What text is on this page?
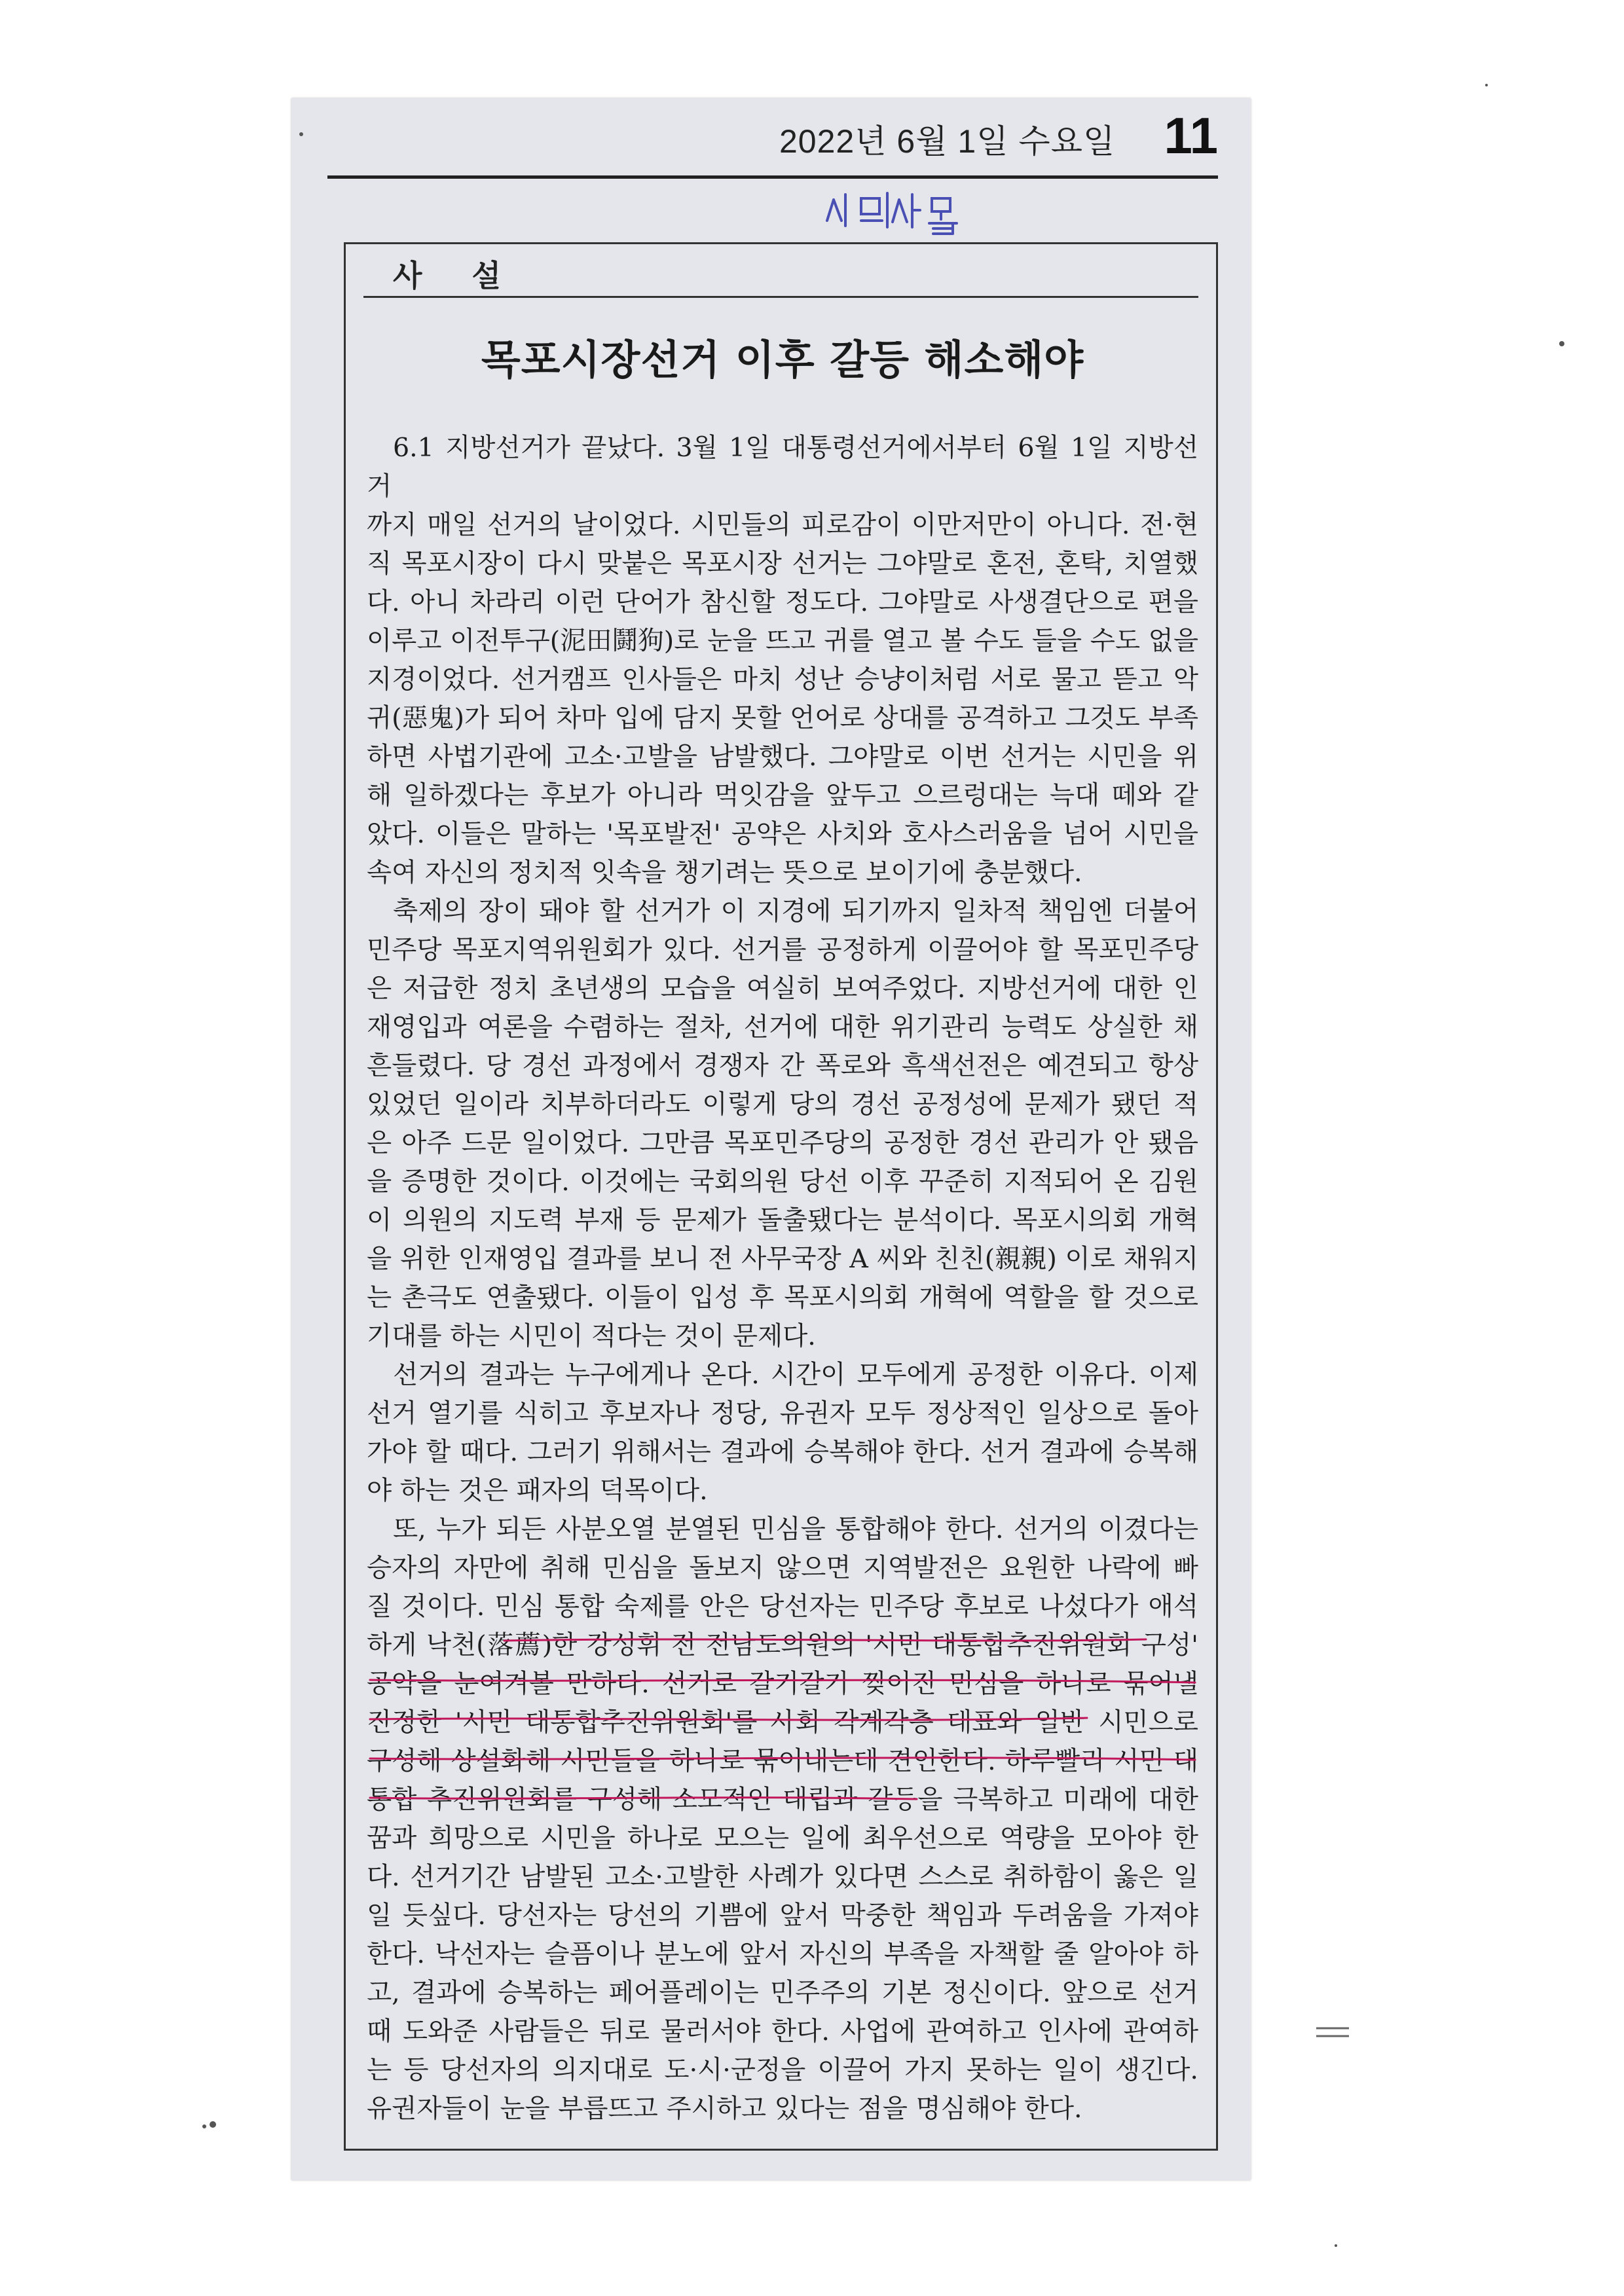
2022년 6월 1일 수요일 11
사 설
목포시장선거 이후 갈등 해소해야

6.1 지방선거가 끝났다. 3월 1일 대통령선거에서부터 6월 1일 지방선거

까지 매일 선거의 날이었다. 시민들의 피로감이 이만저만이 아니다. 전·현

직 목포시장이 다시 맞붙은 목포시장 선거는 그야말로 혼전, 혼탁, 치열했

다. 아니 차라리 이런 단어가 참신할 정도다. 그야말로 사생결단으로 편을

이루고 이전투구(泥田鬪狗)로 눈을 뜨고 귀를 열고 볼 수도 들을 수도 없을

지경이었다. 선거캠프 인사들은 마치 성난 승냥이처럼 서로 물고 뜯고 악

귀(惡鬼)가 되어 차마 입에 담지 못할 언어로 상대를 공격하고 그것도 부족

하면 사법기관에 고소·고발을 남발했다. 그야말로 이번 선거는 시민을 위

해 일하겠다는 후보가 아니라 먹잇감을 앞두고 으르렁대는 늑대 떼와 같

았다. 이들은 말하는 '목포발전' 공약은 사치와 호사스러움을 넘어 시민을

속여 자신의 정치적 잇속을 챙기려는 뜻으로 보이기에 충분했다.

축제의 장이 돼야 할 선거가 이 지경에 되기까지 일차적 책임엔 더불어

민주당 목포지역위원회가 있다. 선거를 공정하게 이끌어야 할 목포민주당

은 저급한 정치 초년생의 모습을 여실히 보여주었다. 지방선거에 대한 인

재영입과 여론을 수렴하는 절차, 선거에 대한 위기관리 능력도 상실한 채

흔들렸다. 당 경선 과정에서 경쟁자 간 폭로와 흑색선전은 예견되고 항상

있었던 일이라 치부하더라도 이렇게 당의 경선 공정성에 문제가 됐던 적

은 아주 드문 일이었다. 그만큼 목포민주당의 공정한 경선 관리가 안 됐음

을 증명한 것이다. 이것에는 국회의원 당선 이후 꾸준히 지적되어 온 김원

이 의원의 지도력 부재 등 문제가 돌출됐다는 분석이다. 목포시의회 개혁

을 위한 인재영입 결과를 보니 전 사무국장 A 씨와 친친(親親) 이로 채워지

는 촌극도 연출됐다. 이들이 입성 후 목포시의회 개혁에 역할을 할 것으로

기대를 하는 시민이 적다는 것이 문제다.

선거의 결과는 누구에게나 온다. 시간이 모두에게 공정한 이유다. 이제

선거 열기를 식히고 후보자나 정당, 유권자 모두 정상적인 일상으로 돌아

가야 할 때다. 그러기 위해서는 결과에 승복해야 한다. 선거 결과에 승복해

야 하는 것은 패자의 덕목이다.

또, 누가 되든 사분오열 분열된 민심을 통합해야 한다. 선거의 이겼다는

승자의 자만에 취해 민심을 돌보지 않으면 지역발전은 요원한 나락에 빠

질 것이다. 민심 통합 숙제를 안은 당선자는 민주당 후보로 나섰다가 애석

하게 낙천(落薦)한 강성휘 전 전남도의원의 '시민 대통합추진위원회 구성'

공약을 눈여겨볼 만하다. 선거로 갈기갈기 찢어진 민심을 하나로 묶어낼

진정한 '시민 대통합추진위원회'를 사회 각계각층 대표와 일반 시민으로

구성해 상설화해 시민들을 하나로 묶어내는데 견인한다. 하루빨리 시민 대

통합 추진위원회를 구성해 소모적인 대립과 갈등을 극복하고 미래에 대한

꿈과 희망으로 시민을 하나로 모으는 일에 최우선으로 역량을 모아야 한

다. 선거기간 남발된 고소·고발한 사례가 있다면 스스로 취하함이 옳은 일

일 듯싶다. 당선자는 당선의 기쁨에 앞서 막중한 책임과 두려움을 가져야

한다. 낙선자는 슬픔이나 분노에 앞서 자신의 부족을 자책할 줄 알아야 하

고, 결과에 승복하는 페어플레이는 민주주의 기본 정신이다. 앞으로 선거

때 도와준 사람들은 뒤로 물러서야 한다. 사업에 관여하고 인사에 관여하

는 등 당선자의 의지대로 도·시·군정을 이끌어 가지 못하는 일이 생긴다.

유권자들이 눈을 부릅뜨고 주시하고 있다는 점을 명심해야 한다.
